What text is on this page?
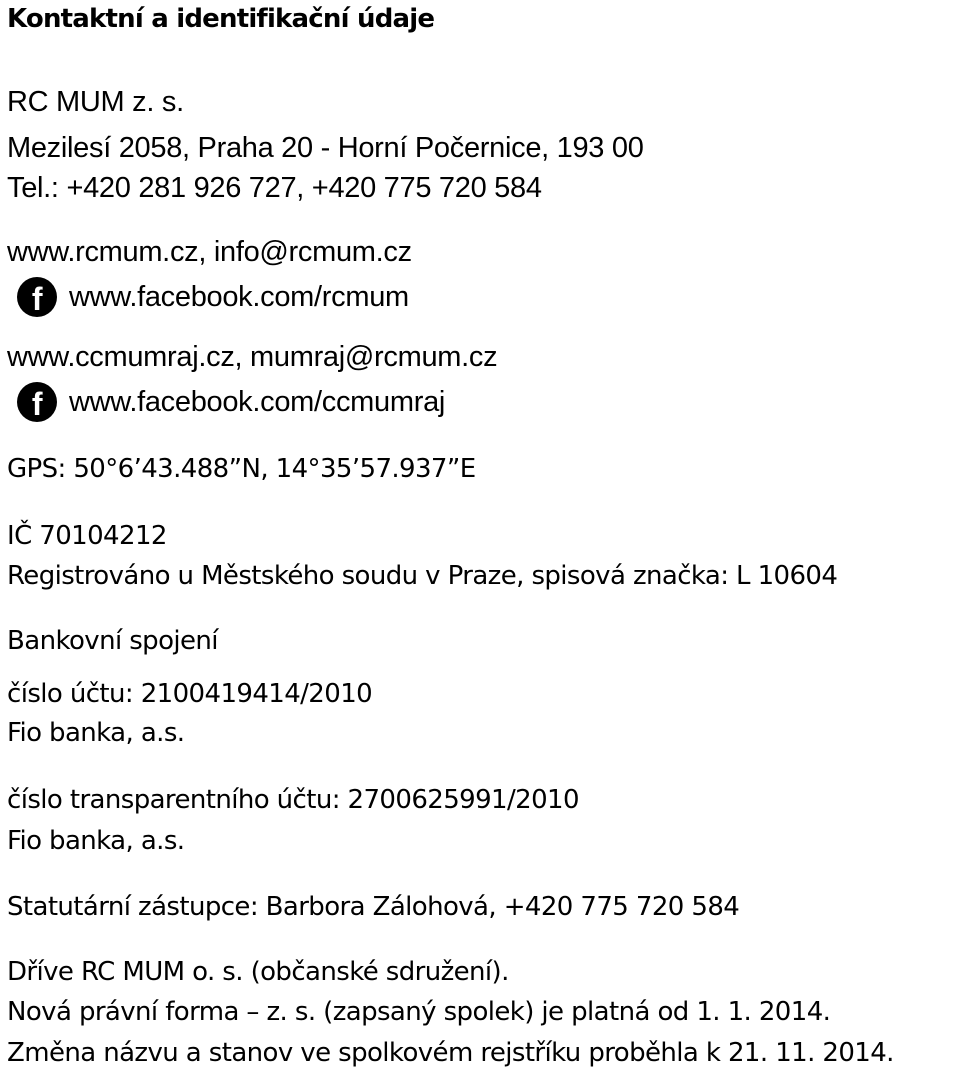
Kontaktní a identifikační údaje
RC MUM z. s.
Mezilesí 2058, Praha 20 - Horní Počernice, 193 00
Tel.: +420 281 926 727, +420 775 720 584
www.rcmum.cz, info@rcmum.cz
f www.facebook.com/rcmum
www.ccmumraj.cz, mumraj@rcmum.cz
f www.facebook.com/ccmumraj
GPS: 50°6’43.488”N, 14°35’57.937”E
IČ 70104212
Registrováno u Městského soudu v Praze, spisová značka: L 10604
Bankovní spojení
číslo účtu: 2100419414/2010
Fio banka, a.s.
číslo transparentního účtu: 2700625991/2010
Fio banka, a.s.
Statutární zástupce: Barbora Zálohová, +420 775 720 584
Dříve RC MUM o. s. (občanské sdružení).
Nová právní forma – z. s. (zapsaný spolek) je platná od 1. 1. 2014.
Změna názvu a stanov ve spolkovém rejstříku proběhla k 21. 11. 2014.
